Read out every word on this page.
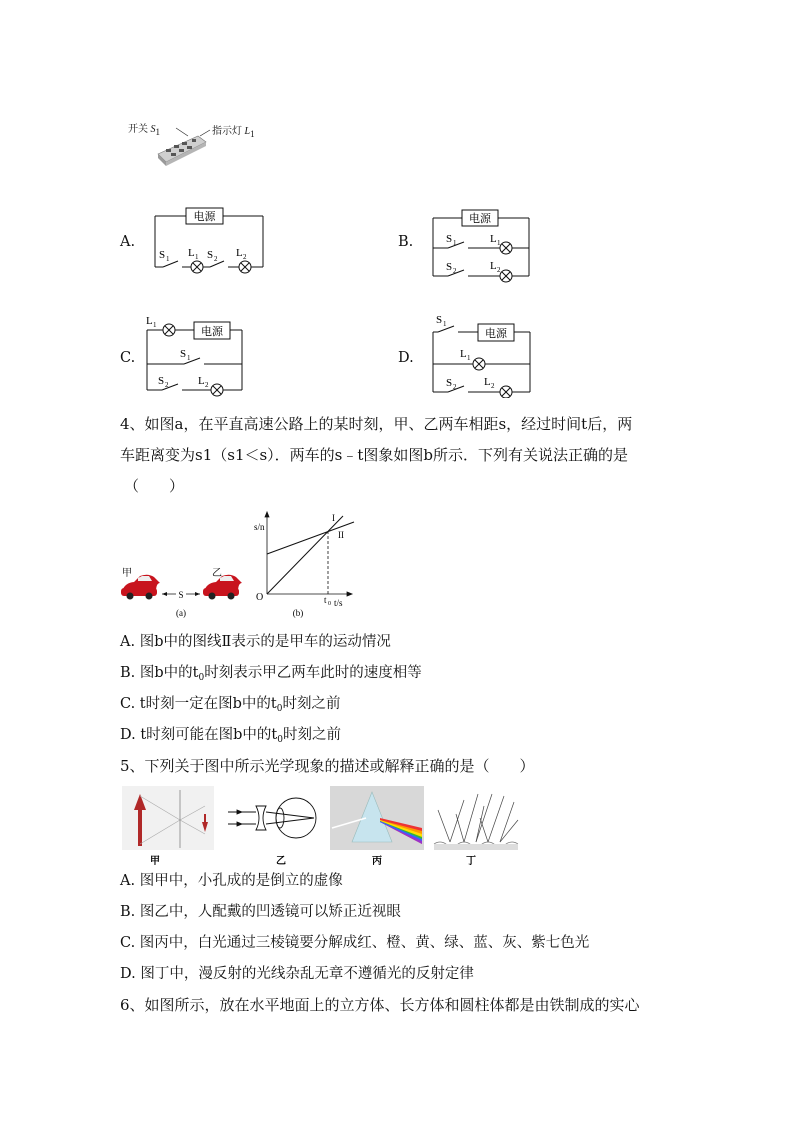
开关 $S_1$	指示灯 $L_1$
A.
电源
S 1 L 1 S 2 L 2
B.
电源
S 1	L 1
S 2	L 2
C.
电源
L 1
S 1
S 2	L 2
D.
电源
S 1
L 1
S 2	L 2
4、如图a，在平直高速公路上的某时刻，甲、乙两车相距s，经过时间t后，两
车距离变为s1（s1＜s）．两车的s﹣t图象如图b所示．下列有关说法正确的是
（　　）
S
甲	乙
(a)
s/n
O	t 0 t/s
I
II
(b)
A. 图b中的图线Ⅱ表示的是甲车的运动情况
B. 图b中的$t_0$时刻表示甲乙两车此时的速度相等
C. t时刻一定在图b中的$t_0$时刻之前
D. t时刻可能在图b中的$t_0$时刻之前
5、下列关于图中所示光学现象的描述或解释正确的是（　　）
甲	乙	丙	丁
A. 图甲中，小孔成的是倒立的虚像
B. 图乙中，人配戴的凹透镜可以矫正近视眼
C. 图丙中，白光通过三棱镜要分解成红、橙、黄、绿、蓝、灰、紫七色光
D. 图丁中，漫反射的光线杂乱无章不遵循光的反射定律
6、如图所示，放在水平地面上的立方体、长方体和圆柱体都是由铁制成的实心
